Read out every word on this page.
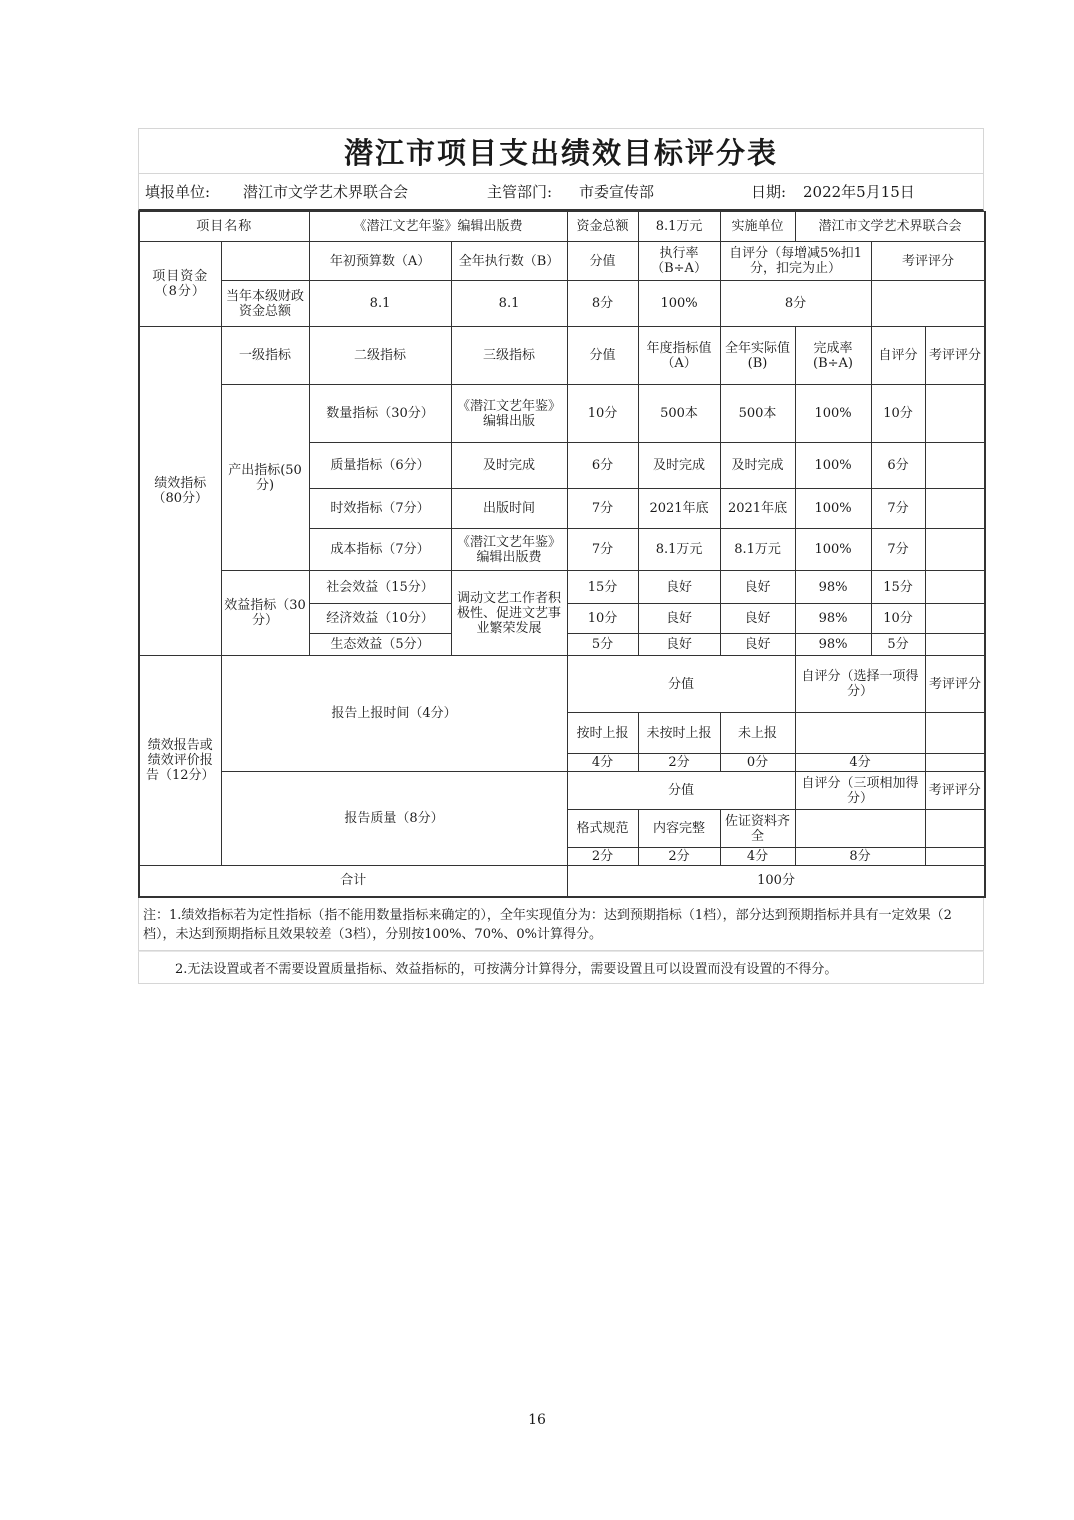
潜江市项目支出绩效目标评分表
填报单位:	潜江市文学艺术界联合会	主管部门:	市委宣传部	日期:	2022年5月15日
项目名称		《潜江文艺年鉴》编辑出版费		资金总额	8.1万元	实施单位	潜江市文学艺术界联合会			
项目资金（8分）		年初预算数（A）	全年执行数（B）	分值	执行率（B÷A）	自评分（每增减5%扣1分，扣完为止）		考评评分		
	当年本级财政资金总额	8.1	8.1	8分	100%	8分				
绩效指标（80分）	一级指标	二级指标	三级指标	分值	年度指标值（A）	全年实际值(B)	完成率(B÷A)	自评分	考评评分	
	产出指标(50分)	数量指标（30分）	《潜江文艺年鉴》编辑出版	10分	500本	500本	100%	10分		
		质量指标（6分）	及时完成	6分	及时完成	及时完成	100%	6分		
		时效指标（7分）	出版时间	7分	2021年底	2021年底	100%	7分		
		成本指标（7分）	《潜江文艺年鉴》编辑出版费	7分	8.1万元	8.1万元	100%	7分		
	效益指标（30分）	社会效益（15分）	调动文艺工作者积极性、促进文艺事业繁荣发展	15分	良好	良好	98%	15分		
		经济效益（10分）		10分	良好	良好	98%	10分		
		生态效益（5分）		5分	良好	良好	98%	5分		
绩效报告或绩效评价报告（12分）	报告上报时间（4分）			分值			自评分（选择一项得分）		考评评分	
				按时上报	未按时上报	未上报				
				4分	2分	0分	4分			
	报告质量（8分）			分值			自评分（三项相加得分）		考评评分	
				格式规范	内容完整	佐证资料齐全				
				2分	2分	4分	8分			
合计				100分						
注：1.绩效指标若为定性指标（指不能用数量指标来确定的），全年实现值分为：达到预期指标（1档），部分达到预期指标并具有一定效果（2档），未达到预期指标且效果较差（3档），分别按100%、70%、0%计算得分。
2.无法设置或者不需要设置质量指标、效益指标的，可按满分计算得分，需要设置且可以设置而没有设置的不得分。
16
